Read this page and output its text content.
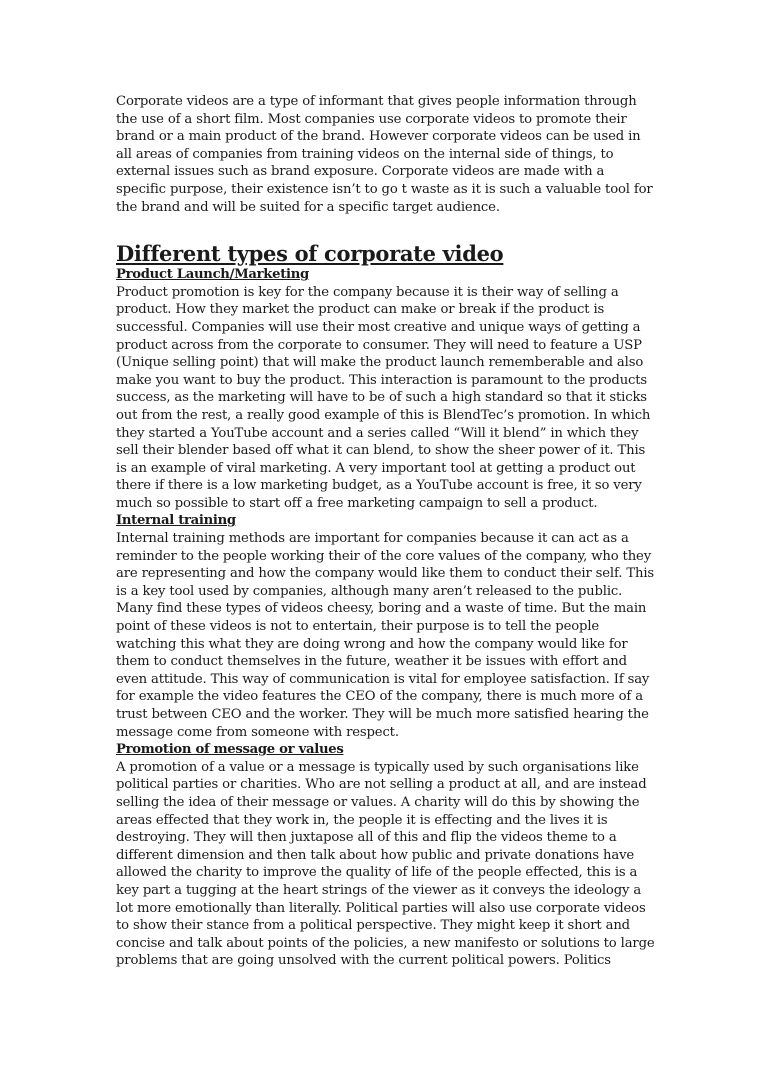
Corporate videos are a type of informant that gives people information through the use of a short film. Most companies use corporate videos to promote their brand or a main product of the brand. However corporate videos can be used in all areas of companies from training videos on the internal side of things, to external issues such as brand exposure. Corporate videos are made with a specific purpose, their existence isn’t to go t waste as it is such a valuable tool for the brand and will be suited for a specific target audience.

Different types of corporate video
Product Launch/Marketing

Product promotion is key for the company because it is their way of selling a product. How they market the product can make or break if the product is successful. Companies will use their most creative and unique ways of getting a product across from the corporate to consumer. They will need to feature a USP (Unique selling point) that will make the product launch rememberable and also make you want to buy the product. This interaction is paramount to the products success, as the marketing will have to be of such a high standard so that it sticks out from the rest, a really good example of this is BlendTec’s promotion. In which they started a YouTube account and a series called “Will it blend” in which they sell their blender based off what it can blend, to show the sheer power of it. This is an example of viral marketing. A very important tool at getting a product out there if there is a low marketing budget, as a YouTube account is free, it so very much so possible to start off a free marketing campaign to sell a product.

Internal training

Internal training methods are important for companies because it can act as a reminder to the people working their of the core values of the company, who they are representing and how the company would like them to conduct their self. This is a key tool used by companies, although many aren’t released to the public. Many find these types of videos cheesy, boring and a waste of time. But the main point of these videos is not to entertain, their purpose is to tell the people watching this what they are doing wrong and how the company would like for them to conduct themselves in the future, weather it be issues with effort and even attitude. This way of communication is vital for employee satisfaction. If say for example the video features the CEO of the company, there is much more of a trust between CEO and the worker. They will be much more satisfied hearing the message come from someone with respect.

Promotion of message or values

A promotion of a value or a message is typically used by such organisations like political parties or charities. Who are not selling a product at all, and are instead selling the idea of their message or values. A charity will do this by showing the areas effected that they work in, the people it is effecting and the lives it is destroying. They will then juxtapose all of this and flip the videos theme to a different dimension and then talk about how public and private donations have allowed the charity to improve the quality of life of the people effected, this is a key part a tugging at the heart strings of the viewer as it conveys the ideology a lot more emotionally than literally. Political parties will also use corporate videos to show their stance from a political perspective. They might keep it short and concise and talk about points of the policies, a new manifesto or solutions to large problems that are going unsolved with the current political powers. Politics
